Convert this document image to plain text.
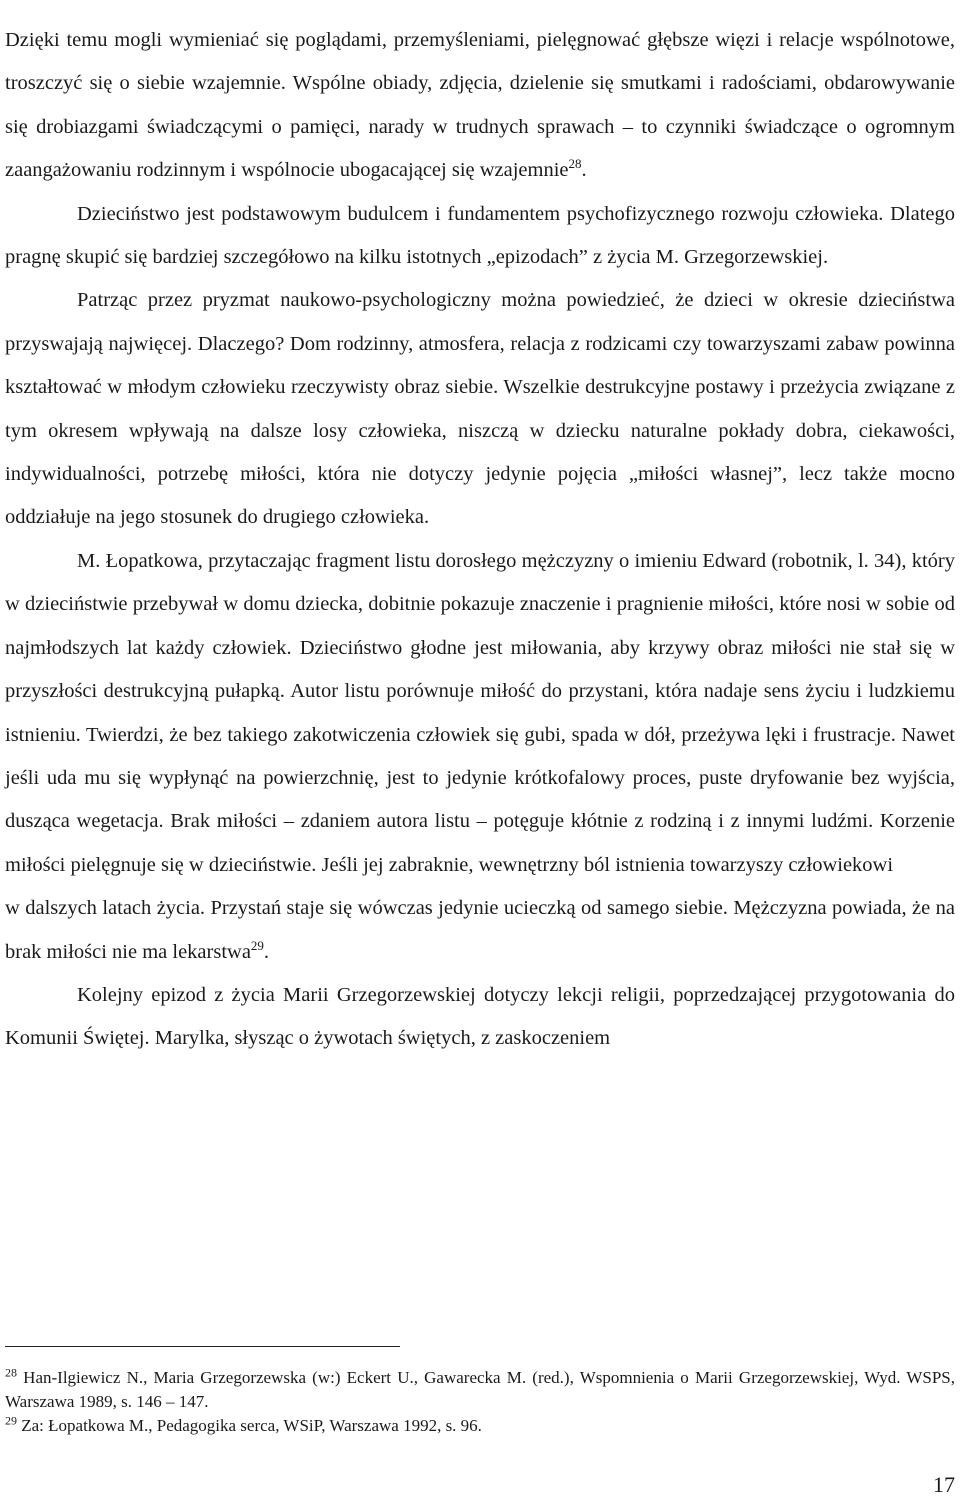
Dzięki temu mogli wymieniać się poglądami, przemyśleniami, pielęgnować głębsze więzi i relacje wspólnotowe, troszczyć się o siebie wzajemnie. Wspólne obiady, zdjęcia, dzielenie się smutkami i radościami, obdarowywanie się drobiazgami świadczącymi o pamięci, narady w trudnych sprawach – to czynniki świadczące o ogromnym zaangażowaniu rodzinnym i wspólnocie ubogacającej się wzajemnie$^{28}$.

Dzieciństwo jest podstawowym budulcem i fundamentem psychofizycznego rozwoju człowieka. Dlatego pragnę skupić się bardziej szczegółowo na kilku istotnych „epizodach” z życia M. Grzegorzewskiej.

Patrząc przez pryzmat naukowo-psychologiczny można powiedzieć, że dzieci w okresie dzieciństwa przyswajają najwięcej. Dlaczego? Dom rodzinny, atmosfera, relacja z rodzicami czy towarzyszami zabaw powinna kształtować w młodym człowieku rzeczywisty obraz siebie. Wszelkie destrukcyjne postawy i przeżycia związane z tym okresem wpływają na dalsze losy człowieka, niszczą w dziecku naturalne pokłady dobra, ciekawości, indywidualności, potrzebę miłości, która nie dotyczy jedynie pojęcia „miłości własnej”, lecz także mocno oddziałuje na jego stosunek do drugiego człowieka.

M. Łopatkowa, przytaczając fragment listu dorosłego mężczyzny o imieniu Edward (robotnik, l. 34), który w dzieciństwie przebywał w domu dziecka, dobitnie pokazuje znaczenie i pragnienie miłości, które nosi w sobie od najmłodszych lat każdy człowiek. Dzieciństwo głodne jest miłowania, aby krzywy obraz miłości nie stał się w przyszłości destrukcyjną pułapką. Autor listu porównuje miłość do przystani, która nadaje sens życiu i ludzkiemu istnieniu. Twierdzi, że bez takiego zakotwiczenia człowiek się gubi, spada w dół, przeżywa lęki i frustracje. Nawet jeśli uda mu się wypłynąć na powierzchnię, jest to jedynie krótkofalowy proces, puste dryfowanie bez wyjścia, dusząca wegetacja. Brak miłości – zdaniem autora listu – potęguje kłótnie z rodziną i z innymi ludźmi. Korzenie miłości pielęgnuje się w dzieciństwie. Jeśli jej zabraknie, wewnętrzny ból istnienia towarzyszy człowiekowi

w dalszych latach życia. Przystań staje się wówczas jedynie ucieczką od samego siebie. Mężczyzna powiada, że na brak miłości nie ma lekarstwa$^{29}$.

Kolejny epizod z życia Marii Grzegorzewskiej dotyczy lekcji religii, poprzedzającej przygotowania do Komunii Świętej. Marylka, słysząc o żywotach świętych, z zaskoczeniem

$^{28}$ Han-Ilgiewicz N., Maria Grzegorzewska (w:) Eckert U., Gawarecka M. (red.), Wspomnienia o Marii Grzegorzewskiej, Wyd. WSPS, Warszawa 1989, s. 146 – 147.

$^{29}$ Za: Łopatkowa M., Pedagogika serca, WSiP, Warszawa 1992, s. 96.

17
